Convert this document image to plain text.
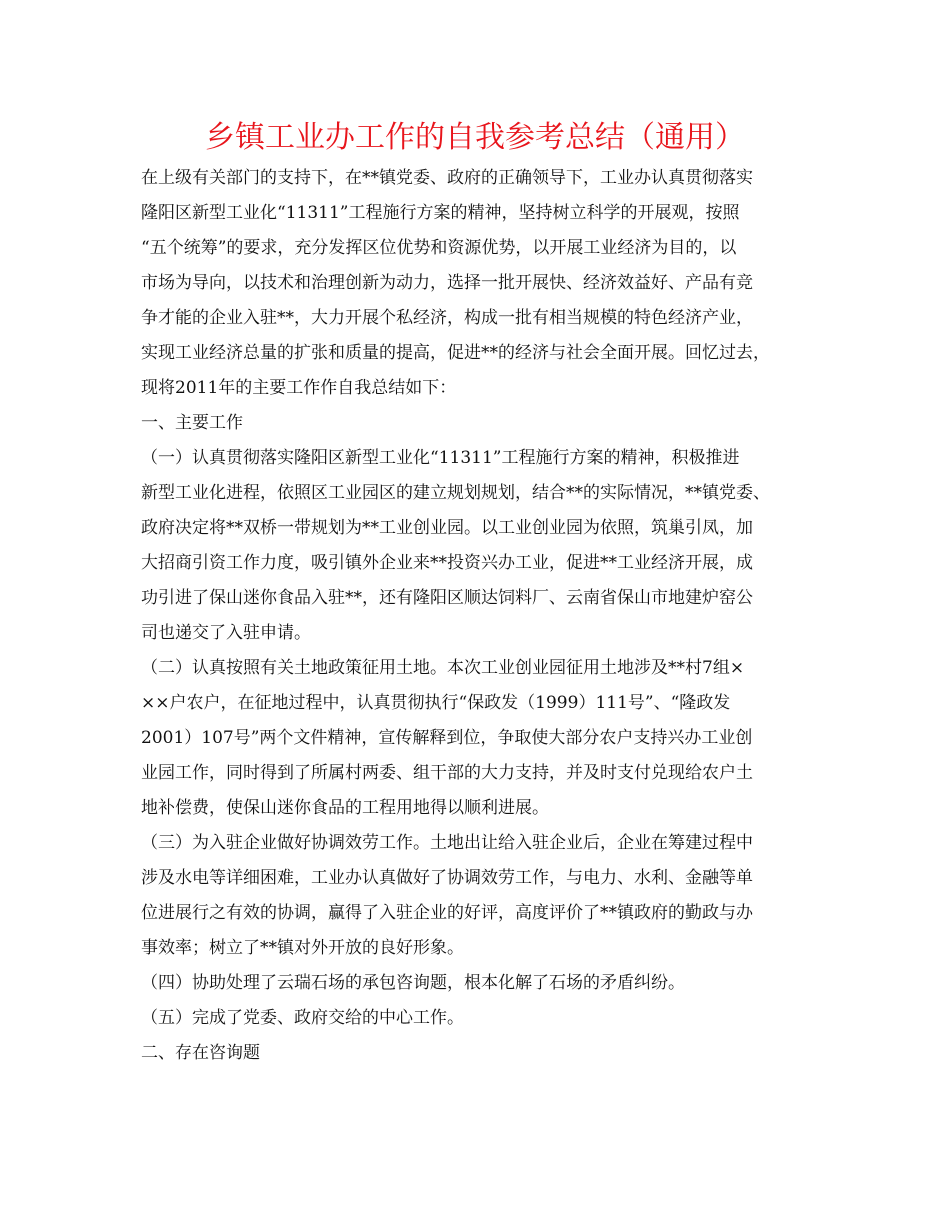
乡镇工业办工作的自我参考总结（通用）
在上级有关部门的支持下，在**镇党委、政府的正确领导下，工业办认真贯彻落实
隆阳区新型工业化“11311”工程施行方案的精神，坚持树立科学的开展观，按照
“五个统筹”的要求，充分发挥区位优势和资源优势，以开展工业经济为目的，以
市场为导向，以技术和治理创新为动力，选择一批开展快、经济效益好、产品有竞
争才能的企业入驻**，大力开展个私经济，构成一批有相当规模的特色经济产业，
实现工业经济总量的扩张和质量的提高，促进**的经济与社会全面开展。回忆过去，
现将2011年的主要工作作自我总结如下：
一、主要工作
（一）认真贯彻落实隆阳区新型工业化“11311”工程施行方案的精神，积极推进
新型工业化进程，依照区工业园区的建立规划规划，结合**的实际情况，**镇党委、
政府决定将**双桥一带规划为**工业创业园。以工业创业园为依照，筑巢引凤，加
大招商引资工作力度，吸引镇外企业来**投资兴办工业，促进**工业经济开展，成
功引进了保山迷你食品入驻**，还有隆阳区顺达饲料厂、云南省保山市地建炉窑公
司也递交了入驻申请。
（二）认真按照有关土地政策征用土地。本次工业创业园征用土地涉及**村7组×
××户农户，在征地过程中，认真贯彻执行“保政发（1999）111号”、“隆政发
2001）107号”两个文件精神，宣传解释到位，争取使大部分农户支持兴办工业创
业园工作，同时得到了所属村两委、组干部的大力支持，并及时支付兑现给农户土
地补偿费，使保山迷你食品的工程用地得以顺利进展。
（三）为入驻企业做好协调效劳工作。土地出让给入驻企业后，企业在筹建过程中
涉及水电等详细困难，工业办认真做好了协调效劳工作，与电力、水利、金融等单
位进展行之有效的协调，赢得了入驻企业的好评，高度评价了**镇政府的勤政与办
事效率；树立了**镇对外开放的良好形象。
（四）协助处理了云瑞石场的承包咨询题，根本化解了石场的矛盾纠纷。
（五）完成了党委、政府交给的中心工作。
二、存在咨询题
